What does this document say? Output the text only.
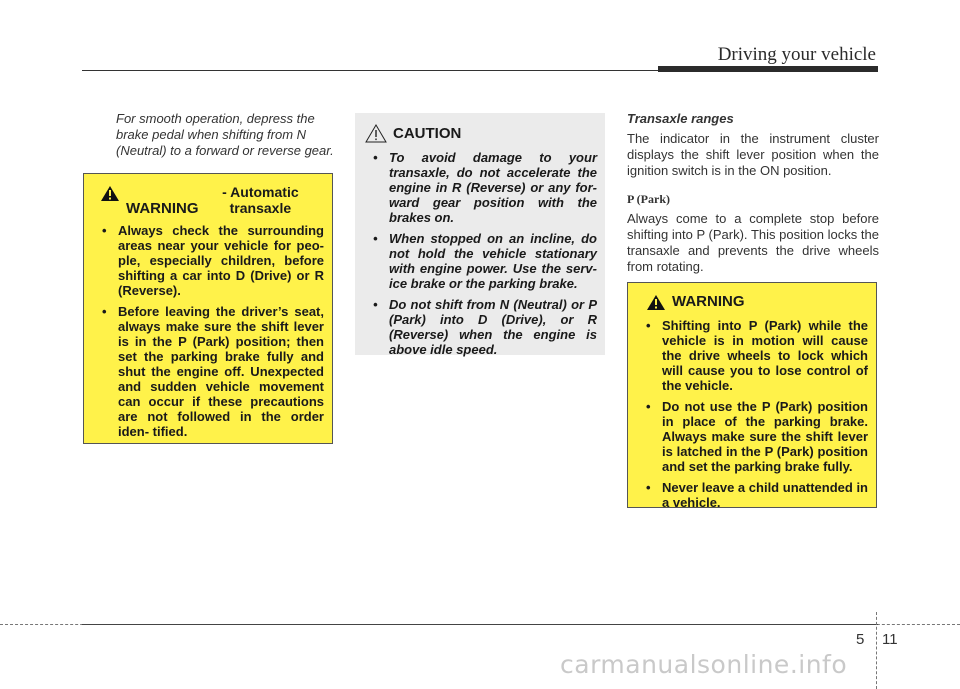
Driving your vehicle
For smooth operation, depress the brake pedal when shifting from N (Neutral) to a forward or reverse gear.
WARNING - Automatic transaxle
• Always check the surrounding areas near your vehicle for peo- ple, especially children, before shifting a car into D (Drive) or R (Reverse).
• Before leaving the driver’s seat, always make sure the shift lever is in the P (Park) position; then set the parking brake fully and shut the engine off. Unexpected and sudden vehicle movement can occur if these precautions are not followed in the order iden- tified.
CAUTION
• To avoid damage to your transaxle, do not accelerate the engine in R (Reverse) or any for- ward gear position with the brakes on.
• When stopped on an incline, do not hold the vehicle stationary with engine power. Use the serv- ice brake or the parking brake.
• Do not shift from N (Neutral) or P (Park) into D (Drive), or R (Reverse) when the engine is above idle speed.
Transaxle ranges
The indicator in the instrument cluster displays the shift lever position when the ignition switch is in the ON position.
P (Park)
Always come to a complete stop before shifting into P (Park). This position locks the transaxle and prevents the drive wheels from rotating.
WARNING
• Shifting into P (Park) while the vehicle is in motion will cause the drive wheels to lock which will cause you to lose control of the vehicle.
• Do not use the P (Park) position in place of the parking brake. Always make sure the shift lever is latched in the P (Park) position and set the parking brake fully.
• Never leave a child unattended in a vehicle.
5 11
carmanualsonline.info
